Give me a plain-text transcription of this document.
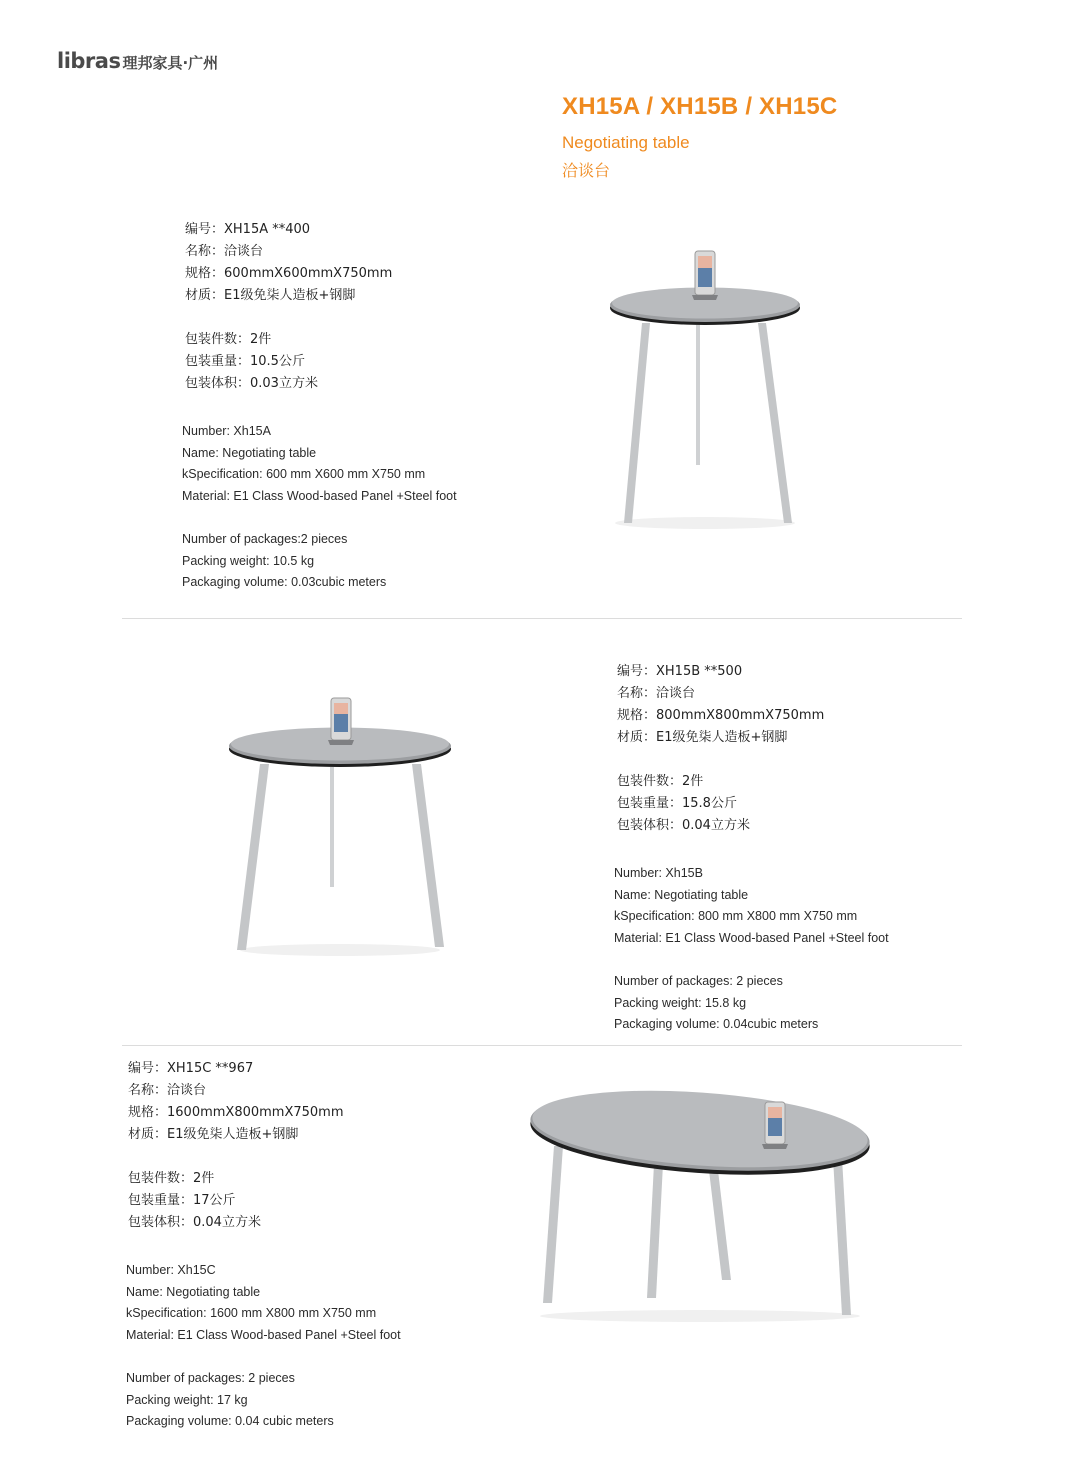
libras 理邦家具·广州
XH15A / XH15B / XH15C
Negotiating table
洽谈台
编号：XH15A **400
名称：洽谈台
规格：600mmX600mmX750mm
材质：E1级免柒人造板+钢脚
包装件数：2件
包装重量：10.5公斤
包装体积：0.03立方米
Number: Xh15A
Name: Negotiating table
kSpecification: 600 mm X600 mm X750 mm
Material: E1 Class Wood-based Panel +Steel foot
Number of packages:2 pieces
Packing weight: 10.5 kg
Packaging volume: 0.03cubic meters
编号：XH15B **500
名称：洽谈台
规格：800mmX800mmX750mm
材质：E1级免柒人造板+钢脚
包装件数：2件
包装重量：15.8公斤
包装体积：0.04立方米
Number: Xh15B
Name: Negotiating table
kSpecification: 800 mm X800 mm X750 mm
Material: E1 Class Wood-based Panel +Steel foot
Number of packages: 2 pieces
Packing weight: 15.8 kg
Packaging volume: 0.04cubic meters
编号：XH15C **967
名称：洽谈台
规格：1600mmX800mmX750mm
材质：E1级免柒人造板+钢脚
包装件数：2件
包装重量：17公斤
包装体积：0.04立方米
Number: Xh15C
Name: Negotiating table
kSpecification: 1600 mm X800 mm X750 mm
Material: E1 Class Wood-based Panel +Steel foot
Number of packages: 2 pieces
Packing weight: 17 kg
Packaging volume: 0.04 cubic meters
